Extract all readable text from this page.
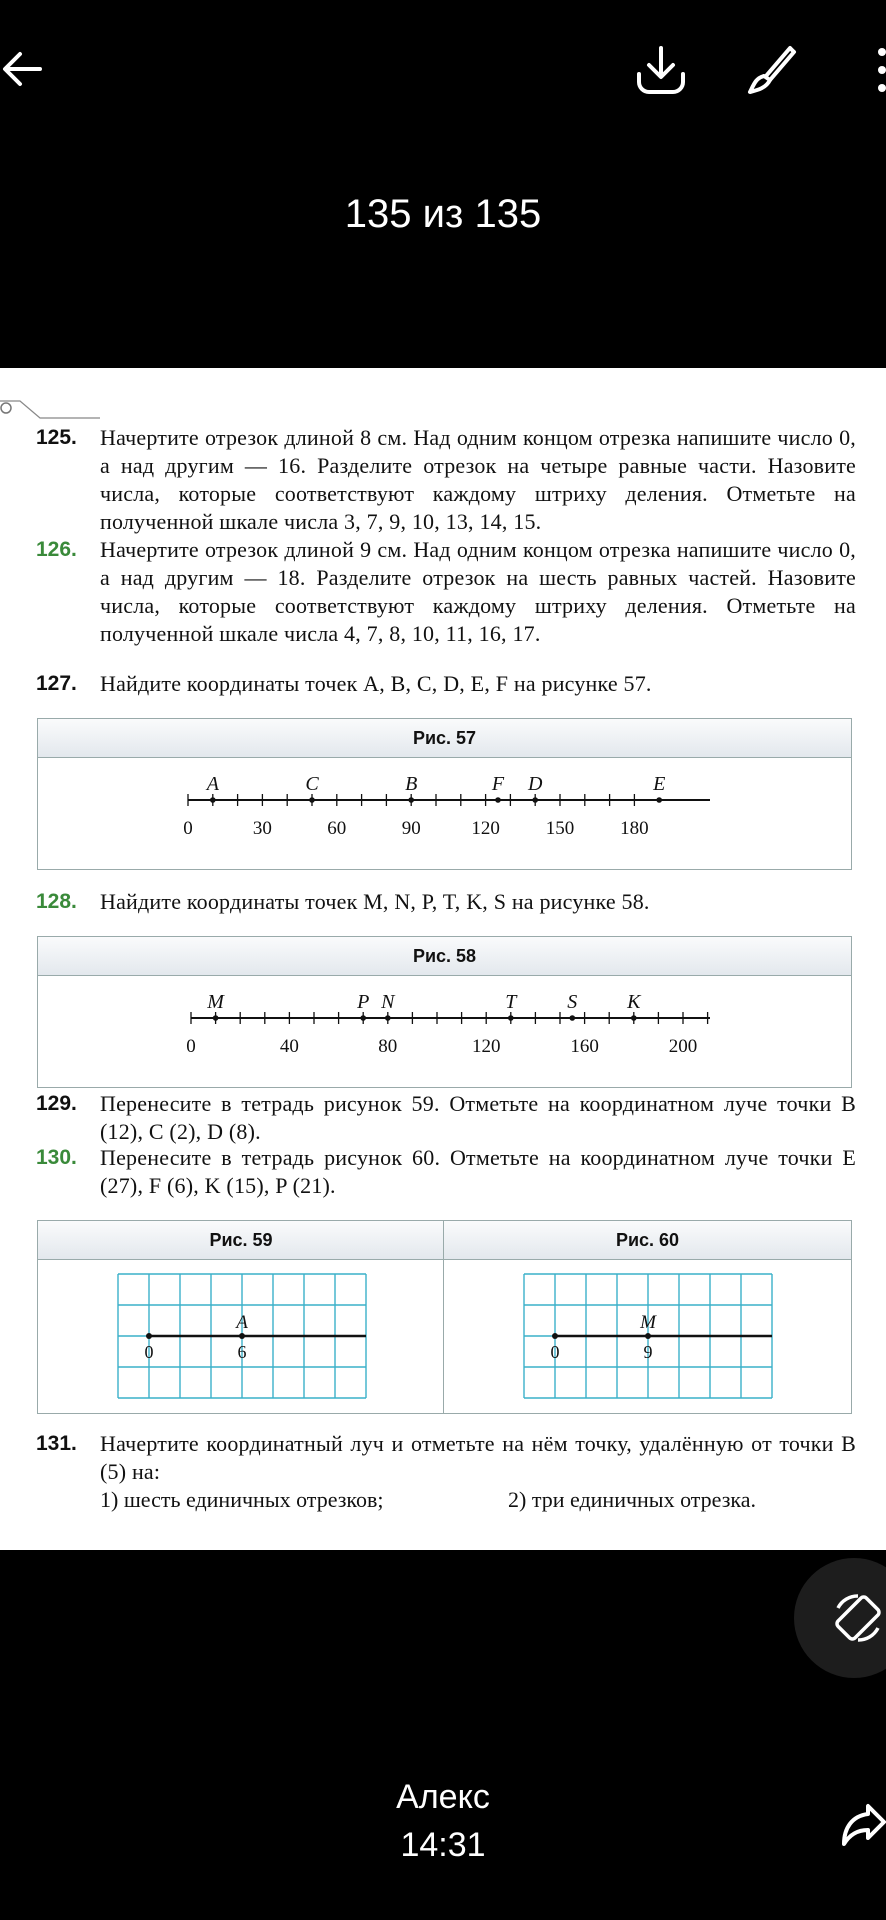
135 из 135
125. Начертите отрезок длиной 8 см. Над одним концом отрезка напишите число 0, а над другим — 16. Разделите отрезок на четыре равные части. Назовите числа, которые соответствуют каждому штриху деления. Отметьте на полученной шкале числа 3, 7, 9, 10, 13, 14, 15.
126. Начертите отрезок длиной 9 см. Над одним концом отрезка напишите число 0, а над другим — 18. Разделите отрезок на шесть равных частей. Назовите числа, которые соответствуют каждому штриху деления. Отметьте на полученной шкале числа 4, 7, 8, 10, 11, 16, 17.
127. Найдите координаты точек A, B, C, D, E, F на рисунке 57.
Рис. 57
0	30	60	90	120 150 180
A	C	B	F D	E
128. Найдите координаты точек M, N, P, T, K, S на рисунке 58.
Рис. 58
0	40	80	120	160	200
M	P N	T	S K
129. Перенесите в тетрадь рисунок 59. Отметьте на координатном луче точки B (12), C (2), D (8).
130. Перенесите в тетрадь рисунок 60. Отметьте на координатном луче точки E (27), F (6), K (15), P (21).
Рис. 59
0	6
A
Рис. 60
0	9
M
131. Начертите координатный луч и отметьте на нём точку, удалённую от точки B (5) на:
1) шесть единичных отрезков;	2) три единичных отрезка.
Алекс
14:31
